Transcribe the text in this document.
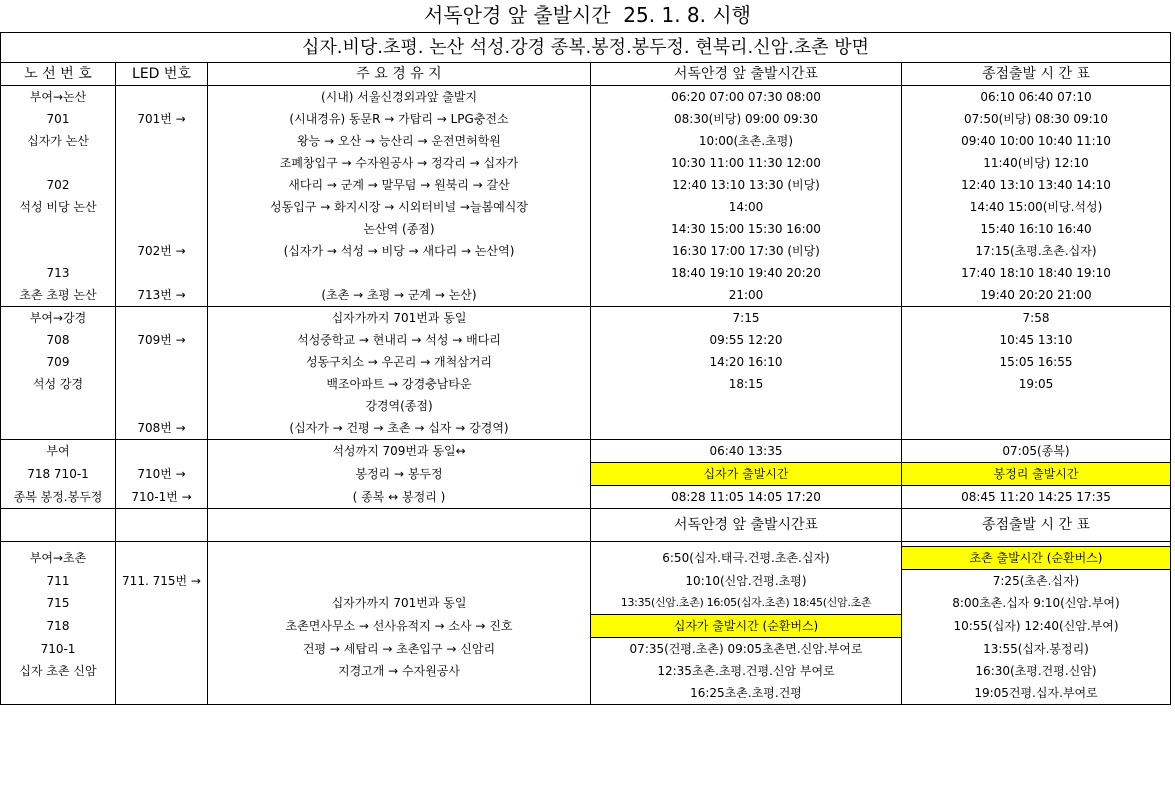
서독안경 앞 출발시간  25. 1. 8. 시행
십자.비당.초평. 논산 석성.강경 종복.봉정.봉두정. 현북리.신암.초촌 방면				
노 선 번 호	LED 번호	주 요 경 유 지	서독안경 앞 출발시간표	종점출발 시 간 표
부여→논산		(시내) 서울신경외과앞 출발지	06:20 07:00 07:30 08:00	06:10 06:40 07:10
701	701번 →	(시내경유) 동문R → 가탑리 → LPG충전소	08:30(비당) 09:00 09:30	07:50(비당) 08:30 09:10
십자가 논산		왕능 → 오산 → 능산리 → 운전면허학원	10:00(초촌.초평)	09:40 10:00 10:40 11:10
		조폐창입구 → 수자원공사 → 정각리 → 십자가	10:30 11:00 11:30 12:00	11:40(비당) 12:10
702		새다리 → 군계 → 말무덤 → 원북리 → 갈산	12:40 13:10 13:30 (비당)	12:40 13:10 13:40 14:10
석성 비당 논산		성동입구 → 화지시장 → 시외터비널 →늘봄예식장	14:00	14:40 15:00(비당.석성)
		논산역 (종점)	14:30 15:00 15:30 16:00	15:40 16:10 16:40
	702번 →	(십자가 → 석성 → 비당 → 새다리 → 논산역)	16:30 17:00 17:30 (비당)	17:15(초평.초촌.십자)
713			18:40 19:10 19:40 20:20	17:40 18:10 18:40 19:10
초촌 초평 논산	713번 →	(초촌 → 초평 → 군계 → 논산)	21:00	19:40 20:20 21:00
부여→강경		십자가까지 701번과 동일	7:15	7:58
708	709번 →	석성중학교 → 현내리 → 석성 → 배다리	09:55 12:20	10:45 13:10
709		성동구치소 → 우곤리 → 개척삼거리	14:20 16:10	15:05 16:55
석성 강경		백조아파트 → 강경충남타운	18:15	19:05
		강경역(종점)		
	708번 →	(십자가 → 건평 → 초촌 → 십자 → 강경역)		
부여		석성까지 709번과 동일↔	06:40 13:35	07:05(종복)
718 710-1	710번 →	봉정리 → 봉두정	십자가 출발시간	봉정리 출발시간
종복 봉정.봉두정	710-1번 →	( 종복 ↔ 봉정리 )	08:28 11:05 14:05 17:20	08:45 11:20 14:25 17:35
			서독안경 앞 출발시간표	종점출발 시 간 표

부여→초촌			6:50(십자.태극.건평.초촌.십자)	초촌 출발시간 (순환버스)
711	711. 715번 →		10:10(신암.건평.초평)	7:25(초촌.십자)
715		십자가까지 701번과 동일	13:35(신암.초촌) 16:05(십자.초촌) 18:45(신암.초촌	8:00초촌.십자 9:10(신암.부여)
718		초촌면사무소 → 선사유적지 → 소사 → 진호	십자가 출발시간 (순환버스)	10:55(십자) 12:40(신암.부여)
710-1		건평 → 세탑리 → 초촌입구 → 신암리	07:35(건평.초촌) 09:05초촌면.신암.부여로	13:55(십자.봉정리)
십자 초촌 신암		지경고개 → 수자원공사	12:35초촌.초평.건평.신암 부여로	16:30(초평.건평.신암)
			16:25초촌.초평.건평	19:05건평.십자.부여로
